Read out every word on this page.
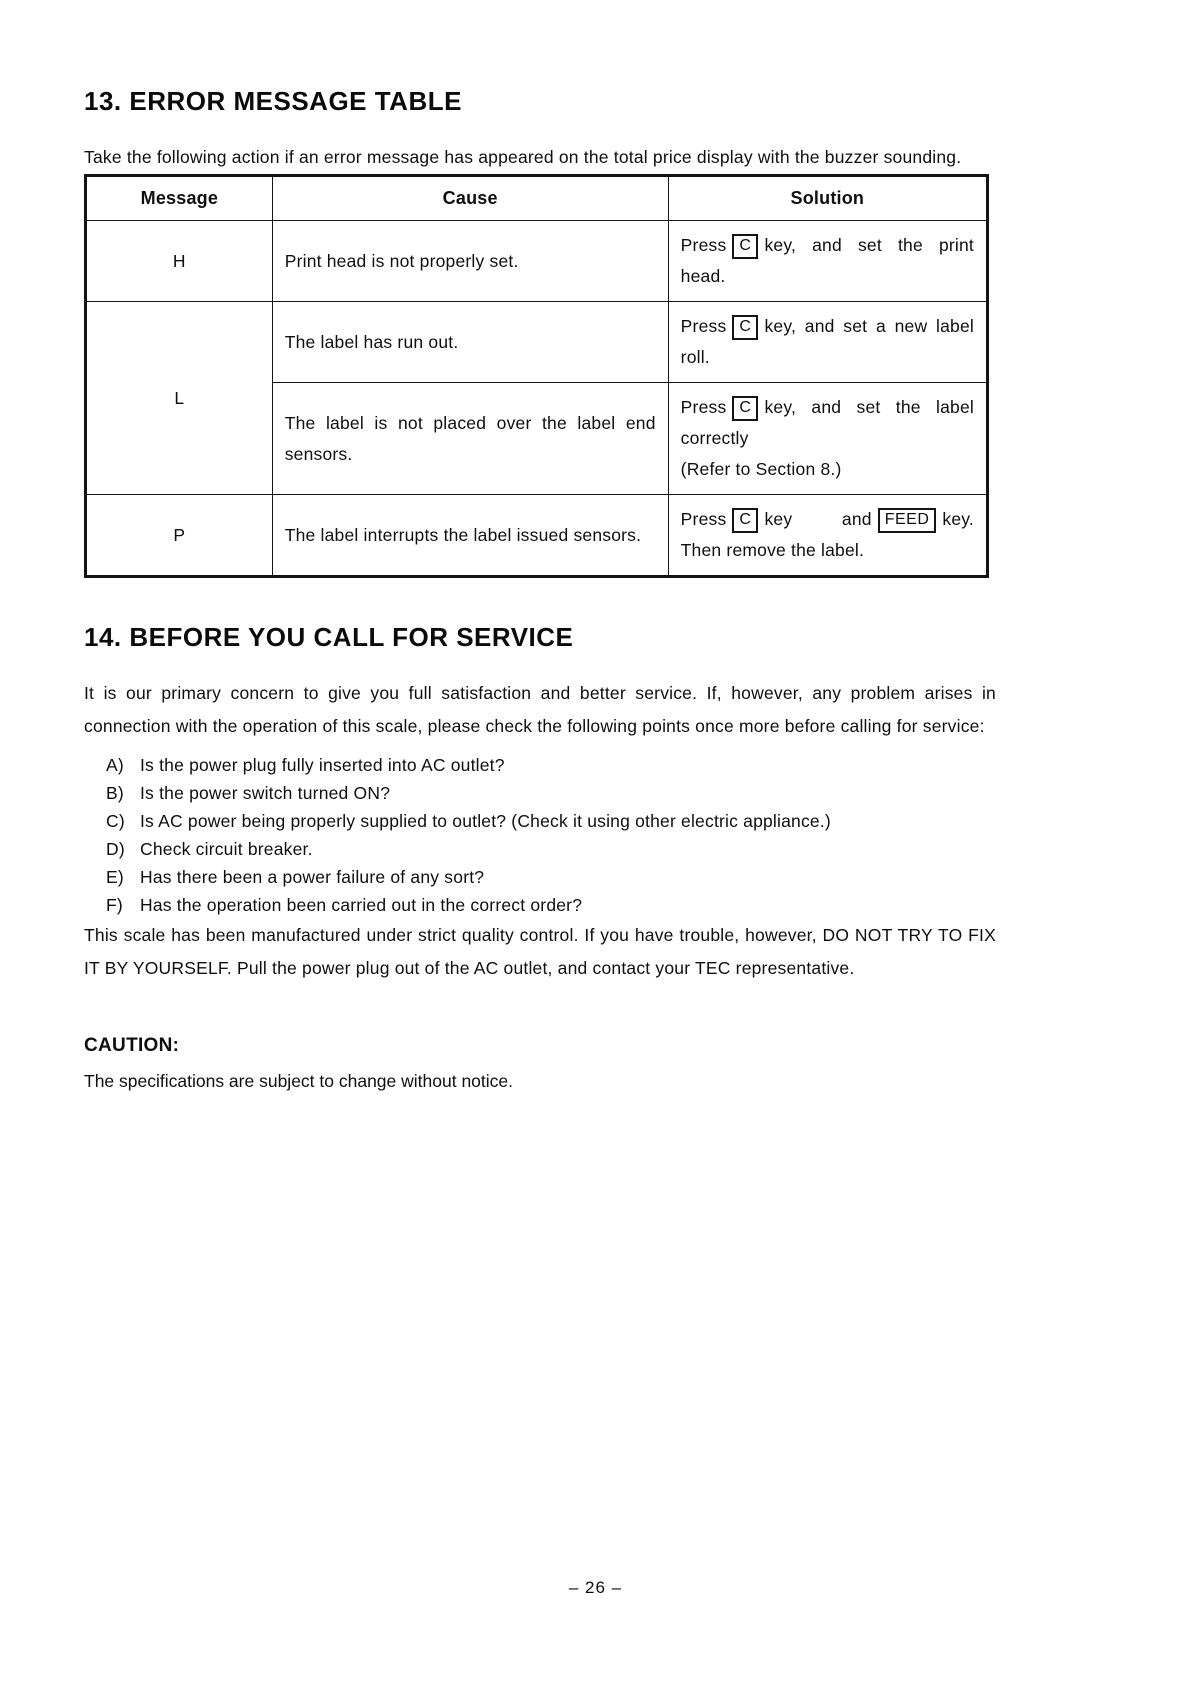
13. ERROR MESSAGE TABLE

Take the following action if an error message has appeared on the total price display with the buzzer sounding.

Message	Cause	Solution
H	Print head is not properly set.	Press C key, and set the print head.
L	The label has run out.	Press C key, and set a new label roll.
	The label is not placed over the label end sensors.	Press C key, and set the label correctly
(Refer to Section 8.)

P	The label interrupts the label issued sensors.	Press C key and FEED key. Then remove the label.
14. BEFORE YOU CALL FOR SERVICE

It is our primary concern to give you full satisfaction and better service. If, however, any problem arises in connection with the operation of this scale, please check the following points once more before calling for service:

A) Is the power plug fully inserted into AC outlet?
B) Is the power switch turned ON?
C) Is AC power being properly supplied to outlet? (Check it using other electric appliance.)
D) Check circuit breaker.
E) Has there been a power failure of any sort?
F) Has the operation been carried out in the correct order?

This scale has been manufactured under strict quality control. If you have trouble, however, DO NOT TRY TO FIX IT BY YOURSELF. Pull the power plug out of the AC outlet, and contact your TEC representative.

CAUTION:

The specifications are subject to change without notice.

– 26 –
